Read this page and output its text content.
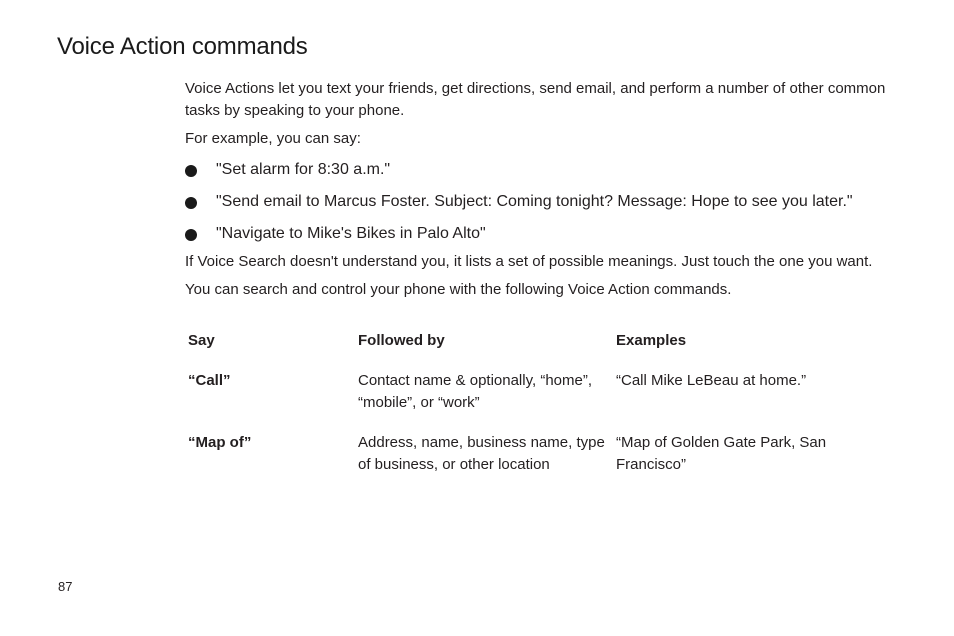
Voice Action commands

Voice Actions let you text your friends, get directions, send email, and perform a number of other common tasks by speaking to your phone.

For example, you can say:

"Set alarm for 8:30 a.m."
"Send email to Marcus Foster. Subject: Coming tonight? Message: Hope to see you later."
"Navigate to Mike's Bikes in Palo Alto"

If Voice Search doesn't understand you, it lists a set of possible meanings. Just touch the one you want.

You can search and control your phone with the following Voice Action commands.

Say	Followed by	Examples
“Call”	Contact name & optionally, “home”, “mobile”, or “work”	“Call Mike LeBeau at home.”
“Map of”	Address, name, business name, type of business, or other location	“Map of Golden Gate Park, San Francisco”
87
